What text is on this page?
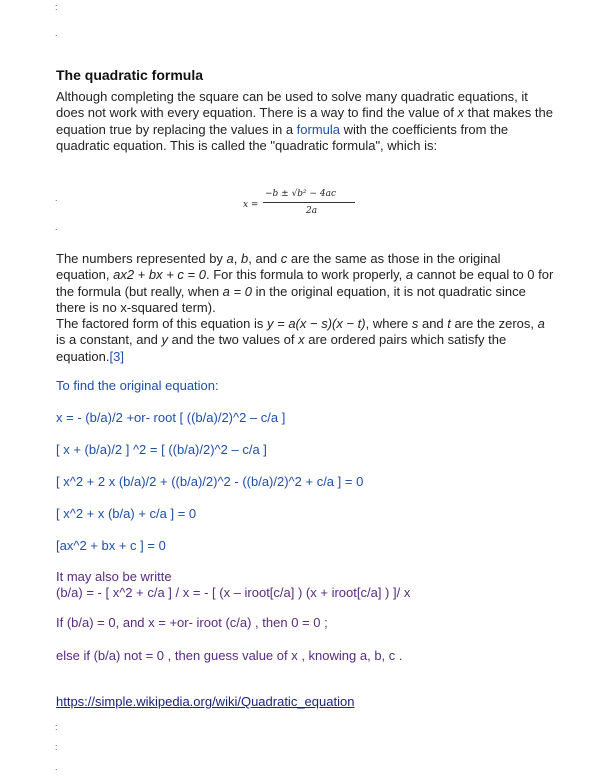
:
.
The quadratic formula
Although completing the square can be used to solve many quadratic equations, it does not work with every equation. There is a way to find the value of x that makes the equation true by replacing the values in a formula with the coefficients from the quadratic equation. This is called the "quadratic formula", which is:
.
x =
−b ± √b² − 4ac
2a
.
The numbers represented by a, b, and c are the same as those in the original equation, ax2 + bx + c = 0. For this formula to work properly, a cannot be equal to 0 for the formula (but really, when a = 0 in the original equation, it is not quadratic since there is no x-squared term).
The factored form of this equation is y = a(x − s)(x − t), where s and t are the zeros, a is a constant, and y and the two values of x are ordered pairs which satisfy the equation.[3]
To find the original equation:
x = - (b/a)/2 +or- root [ ((b/a)/2)^2 – c/a ]
[ x + (b/a)/2 ] ^2 = [ ((b/a)/2)^2 – c/a ]
[ x^2 + 2 x (b/a)/2 + ((b/a)/2)^2 - ((b/a)/2)^2 + c/a ] = 0
[ x^2 + x (b/a) + c/a ] = 0
[ax^2 + bx + c ] = 0
It may also be writte
(b/a) = - [ x^2 + c/a ] / x = - [ (x – iroot[c/a] ) (x + iroot[c/a] ) ]/ x
If (b/a) = 0, and x = +or- iroot (c/a) , then 0 = 0 ;
else if (b/a) not = 0 , then guess value of x , knowing a, b, c .
https://simple.wikipedia.org/wiki/Quadratic_equation
:
:
.
